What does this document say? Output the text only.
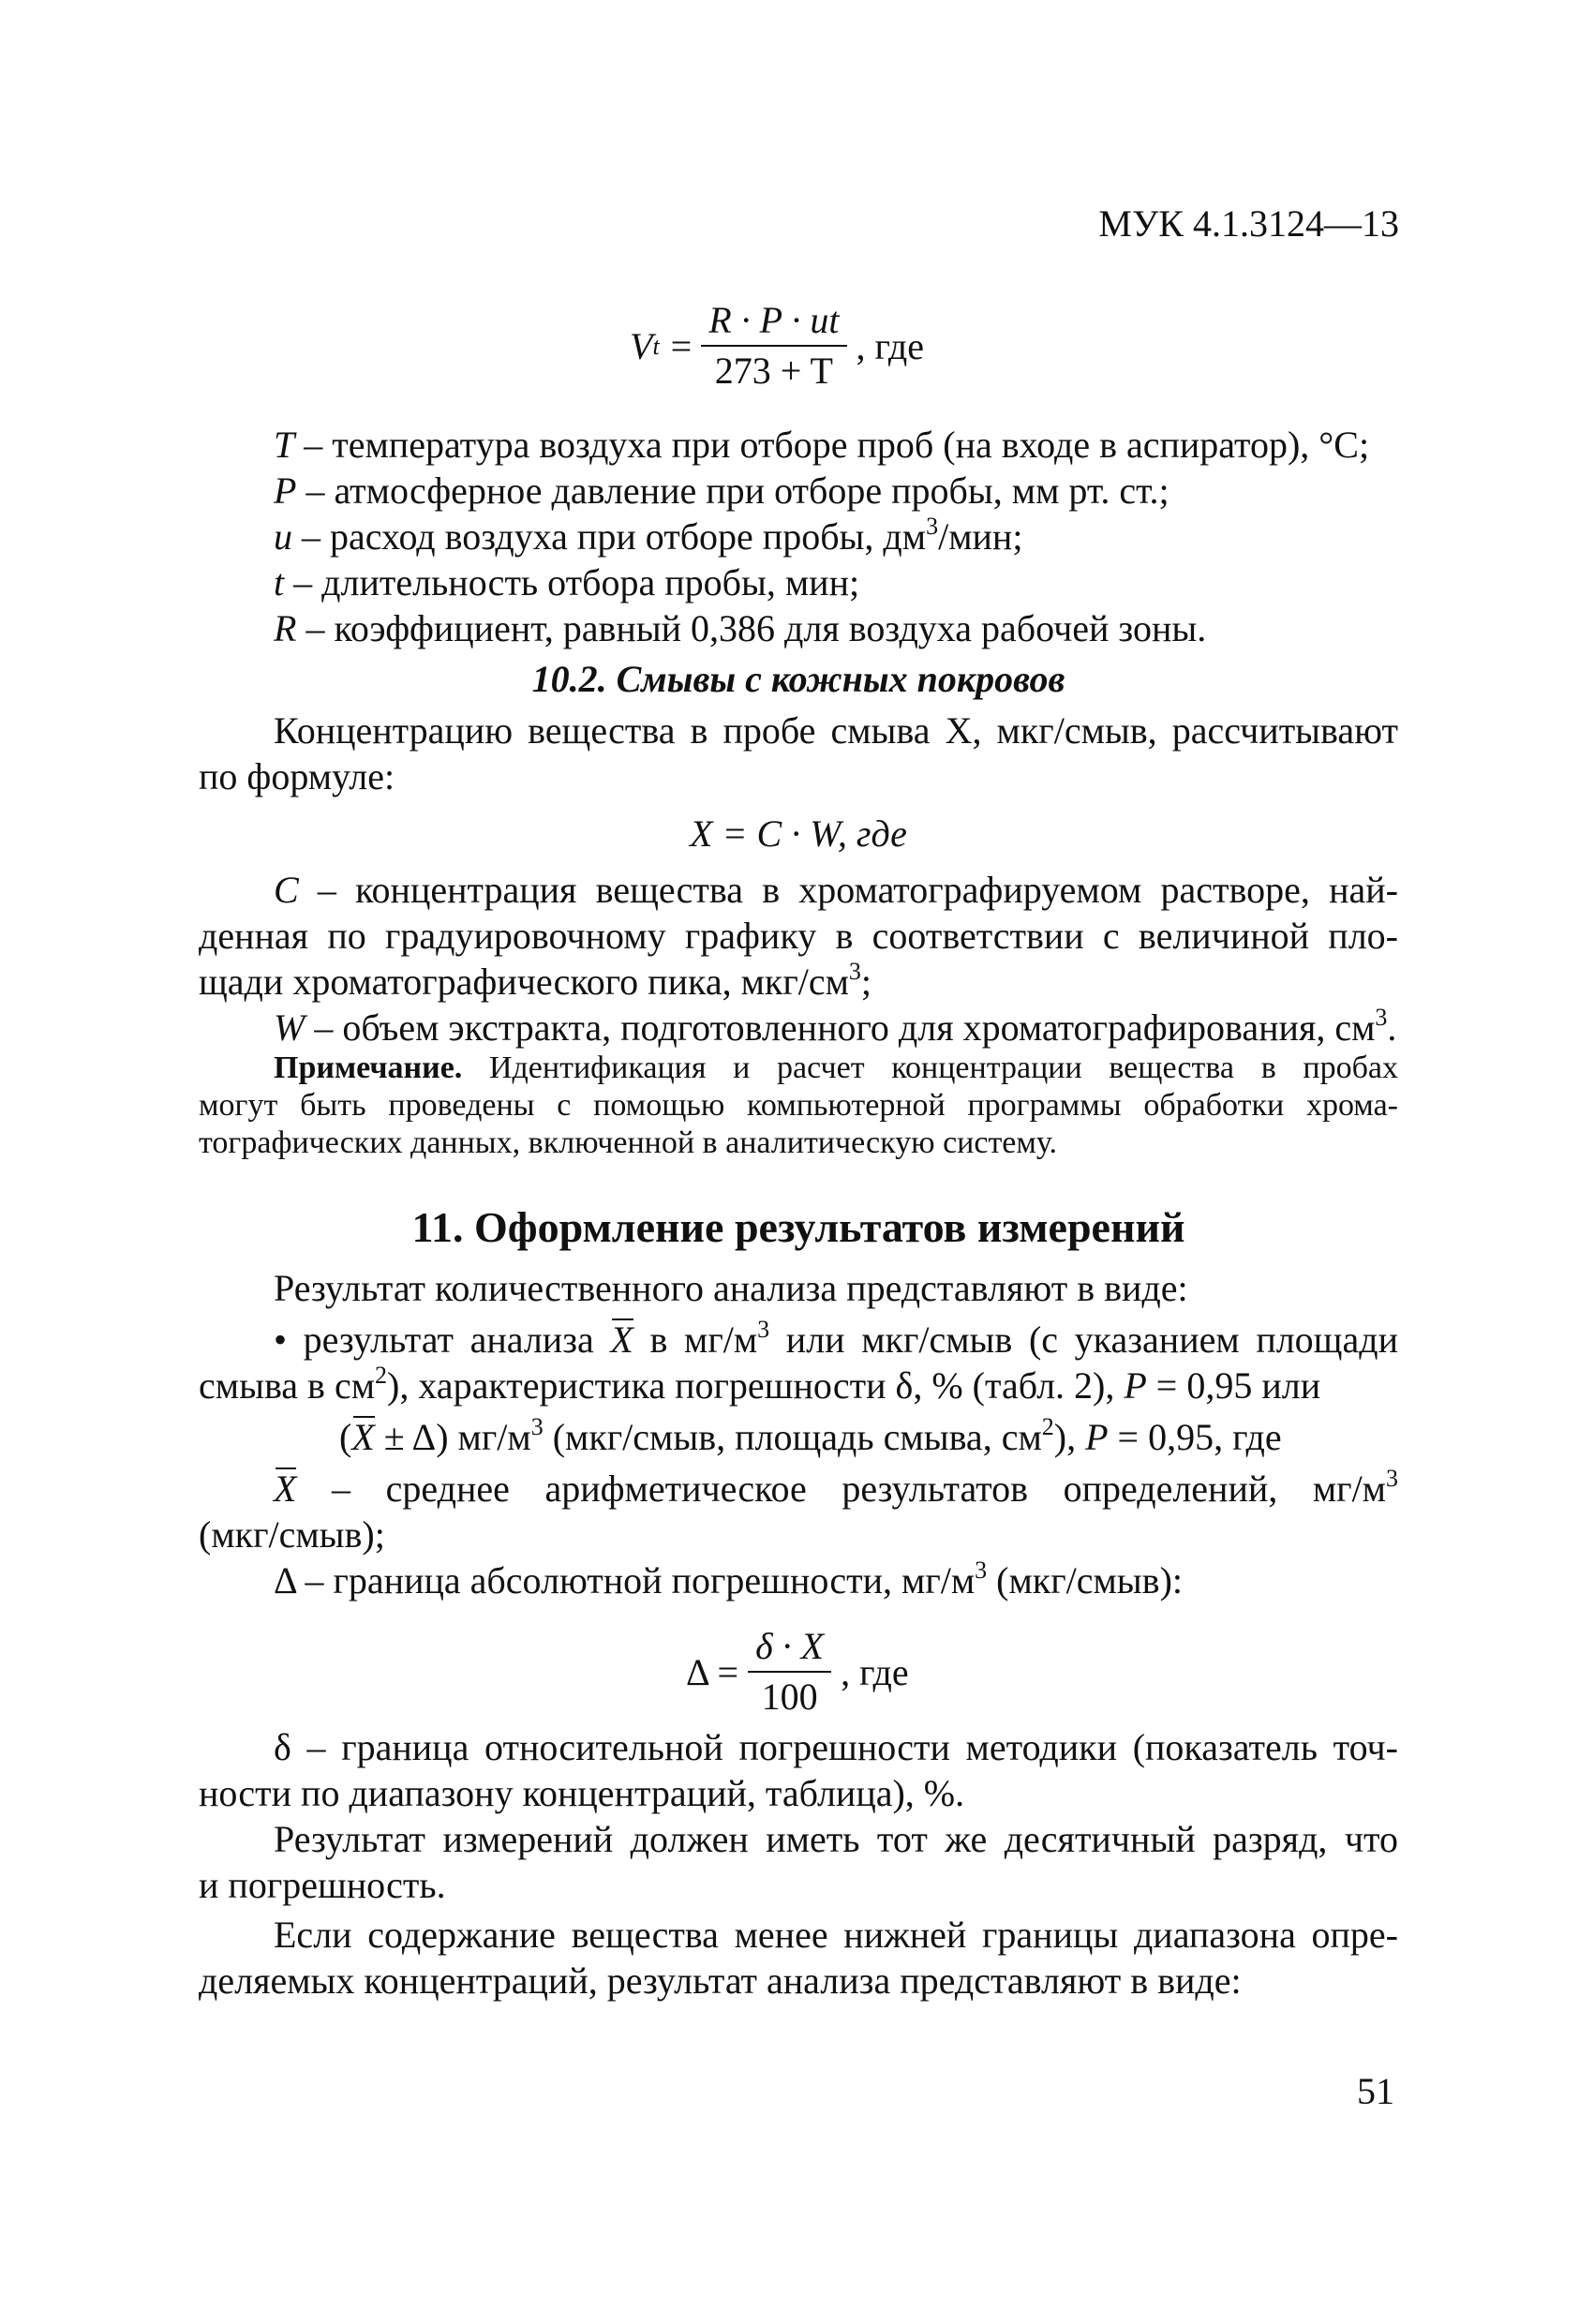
МУК 4.1.3124—13
V $t = \frac{R \cdot P \cdot ut}{273 + T}$ , где
T – температура воздуха при отборе проб (на входе в аспиратор), °С;
P – атмосферное давление при отборе пробы, мм рт. ст.;
u – расход воздуха при отборе пробы, $дм^3$/мин;
t – длительность отбора пробы, мин;
R – коэффициент, равный 0,386 для воздуха рабочей зоны.
10.2. Смывы с кожных покровов
Концентрацию вещества в пробе смыва X, мкг/смыв, рассчитывают
по формуле:
X = C · W, где
C – концентрация вещества в хроматографируемом растворе, най-
денная по градуировочному графику в соответствии с величиной пло-
щади хроматографического пика, мкг/$см^3$;
W – объем экстракта, подготовленного для хроматографирования, $см^3$.
Примечание. Идентификация и расчет концентрации вещества в пробах
могут быть проведены с помощью компьютерной программы обработки хрома-
тографических данных, включенной в аналитическую систему.
11. Оформление результатов измерений
Результат количественного анализа представляют в виде:
• результат анализа X в $мг/м^3$ или мкг/смыв (с указанием площади
смыва в $см^2$), характеристика погрешности δ, % (табл. 2), P = 0,95 или
(X ± Δ) $мг/м^3$ (мкг/смыв, площадь смыва, $см^2$), P = 0,95, где
X – среднее арифметическое результатов определений, $мг/м^3$
(мкг/смыв);
Δ – граница абсолютной погрешности, $мг/м^3$ (мкг/смыв):
$\Delta = \frac{\delta \cdot X}{100}$ , где
δ – граница относительной погрешности методики (показатель точ-
ности по диапазону концентраций, таблица), %.
Результат измерений должен иметь тот же десятичный разряд, что
и погрешность.
Если содержание вещества менее нижней границы диапазона опре-
деляемых концентраций, результат анализа представляют в виде:
51
